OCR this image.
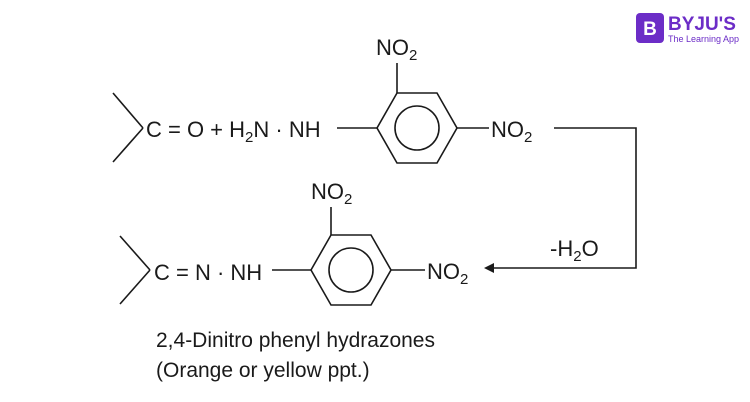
B BYJU'S
The Learning App
$C = O + H_2N$ · NH
$NO_2$
$NO_2$
$-H_2O$
C = N · NH
$NO_2$
$NO_2$
2,4-Dinitro phenyl hydrazones
(Orange or yellow ppt.)
